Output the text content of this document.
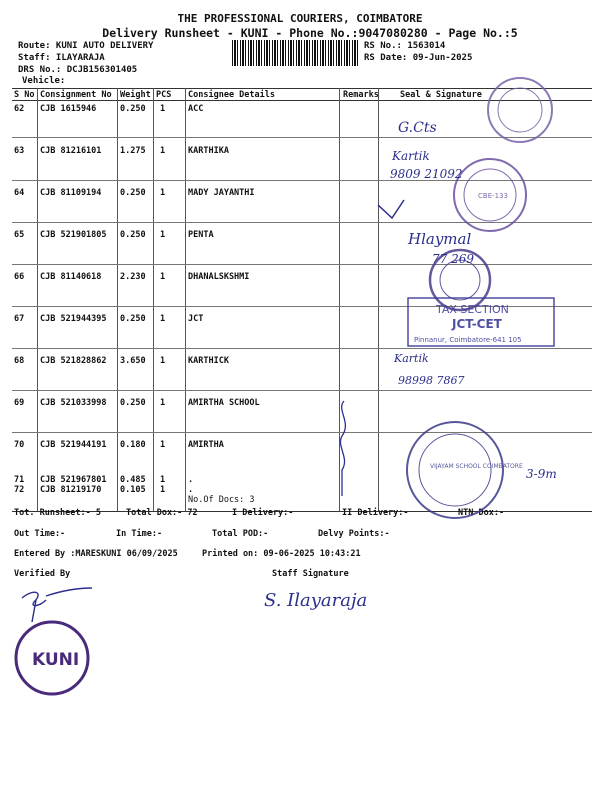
THE PROFESSIONAL COURIERS, COIMBATORE
Delivery Runsheet - KUNI - Phone No.:9047080280 - Page No.:5
Route: KUNI AUTO DELIVERY
Staff: ILAYARAJA
DRS No.: DCJB156301405
Vehicle:
RS No.: 1563014
RS Date: 09-Jun-2025
S No Consignment No Weight PCS Consignee Details	Remarks Seal & Signature
62 CJB 1615946	0.250 1	ACC
63 CJB 81216101 1.275 1	KARTHIKA
64 CJB 81109194 0.250 1	MADY JAYANTHI
65 CJB 521901805 0.250 1	PENTA
66 CJB 81140618 2.230 1	DHANALSKSHMI
67 CJB 521944395 0.250 1	JCT
68 CJB 521828862 3.650 1	KARTHICK
69 CJB 521033998 0.250 1	AMIRTHA SCHOOL
70 CJB 521944191 0.180 1	AMIRTHA
71 CJB 521967801 0.485 1	.
72 CJB 81219170 0.105 1	.
No.Of Docs: 3
Tot. Runsheet:- 5	Total Dox:- 72	I Delivery:-	II Delivery:-	NTN Dox:-
Out Time:-	In Time:-	Total POD:-	Delvy Points:-
Entered By :MARESKUNI 06/09/2025	Printed on: 09-06-2025 10:43:21
Verified By	Staff Signature
CBE-133
TAX SECTION
JCT-CET
Pinnanur, Coimbatore-641 105
VIJAYAM SCHOOL COIMBATORE
G.Cts
Kartik
9809 21092
Hlaymal
77 269
Kartik
98998 7867
3-9m
S. Ilayaraja
KUNI
